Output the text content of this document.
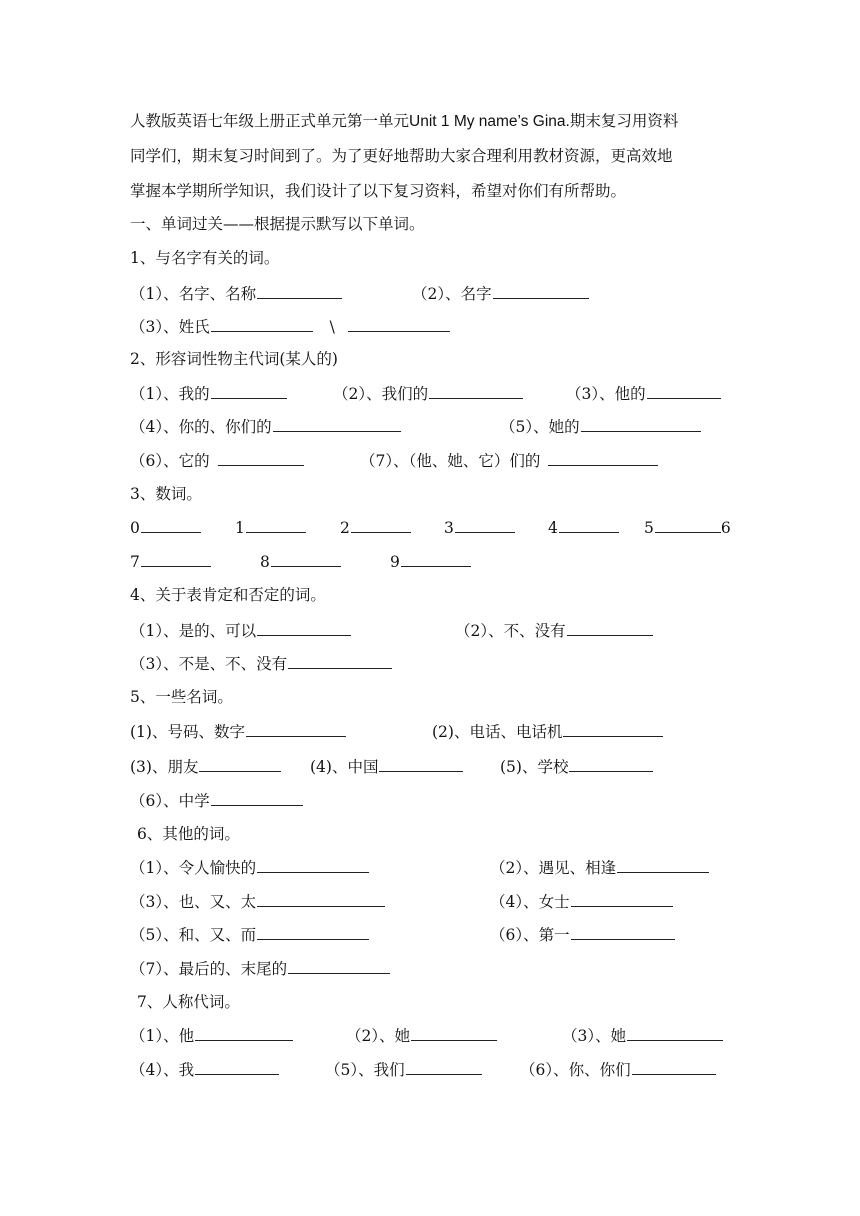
人教版英语七年级上册正式单元第一单元Unit 1 My name’s Gina.期末复习用资料
同学们，期末复习时间到了。为了更好地帮助大家合理利用教材资源，更高效地
掌握本学期所学知识，我们设计了以下复习资料，希望对你们有所帮助。
一、单词过关——根据提示默写以下单词。
1、与名字有关的词。
（1）、名字、名称	（2）、名字
（3）、姓氏	\
2、形容词性物主代词(某人的)
（1）、我的	（2）、我们的	（3）、他的
（4）、你的、你们的	（5）、她的
（6）、它的	（7）、（他、她、它）们的
3、数词。
0	1	2	3	4	5	6
7	8	9
4、关于表肯定和否定的词。
（1）、是的、可以	（2）、不、没有
（3）、不是、不、没有
5、一些名词。
(1)、号码、数字	(2)、电话、电话机
(3)、朋友	(4)、中国	(5)、学校
（6）、中学
6、其他的词。
（1）、令人愉快的	（2）、遇见、相逢
（3）、也、又、太	（4）、女士
（5）、和、又、而	（6）、第一
（7）、最后的、末尾的
7、人称代词。
（1）、他	（2）、她	（3）、她
（4）、我	（5）、我们	（6）、你、你们
